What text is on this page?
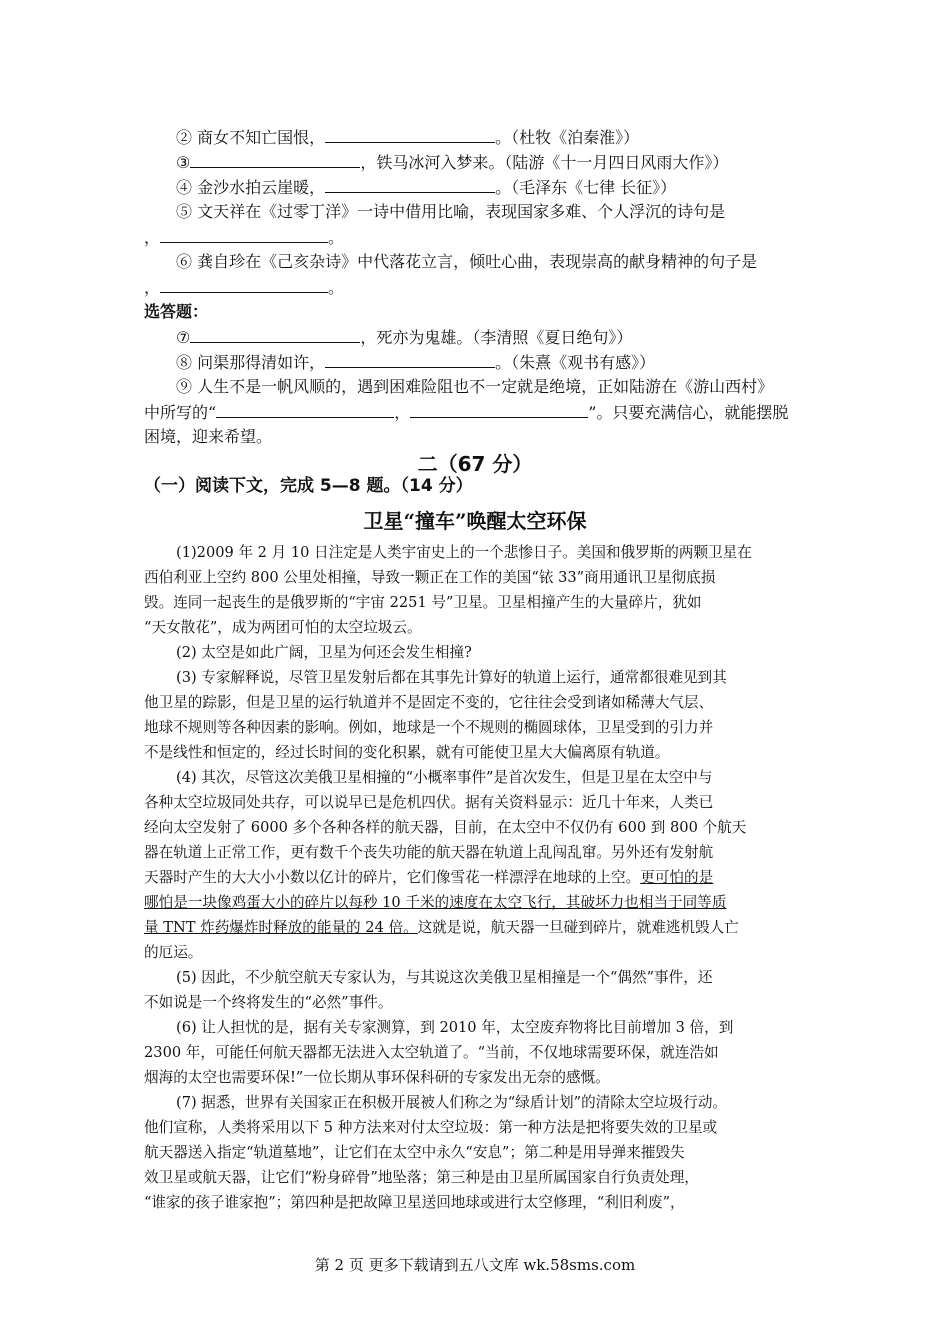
② 商女不知亡国恨，	。（杜牧《泊秦淮》）
③	，铁马冰河入梦来。（陆游《十一月四日风雨大作》）
④ 金沙水拍云崖暖，	。（毛泽东《七律 长征》）
⑤ 文天祥在《过零丁洋》一诗中借用比喻，表现国家多难、个人浮沉的诗句是
，	。
⑥ 龚自珍在《己亥杂诗》中代落花立言，倾吐心曲，表现崇高的献身精神的句子是
，	。
选答题：
⑦	，死亦为鬼雄。（李清照《夏日绝句》）
⑧ 问渠那得清如许，	。（朱熹《观书有感》）
⑨ 人生不是一帆风顺的，遇到困难险阻也不一定就是绝境，正如陆游在《游山西村》
中所写的“	，	”。只要充满信心，就能摆脱
困境，迎来希望。
二（67 分）
（一）阅读下文，完成 5—8 题。（14 分）
卫星“撞车”唤醒太空环保
(1)2009 年 2 月 10 日注定是人类宇宙史上的一个悲惨日子。美国和俄罗斯的两颗卫星在
西伯利亚上空约 800 公里处相撞，导致一颗正在工作的美国“铱 33”商用通讯卫星彻底损
毁。连同一起丧生的是俄罗斯的“宇宙 2251 号”卫星。卫星相撞产生的大量碎片，犹如
“天女散花”，成为两团可怕的太空垃圾云。
(2) 太空是如此广阔，卫星为何还会发生相撞?
(3) 专家解释说，尽管卫星发射后都在其事先计算好的轨道上运行，通常都很难见到其
他卫星的踪影，但是卫星的运行轨道并不是固定不变的，它往往会受到诸如稀薄大气层、
地球不规则等各种因素的影响。例如，地球是一个不规则的椭圆球体，卫星受到的引力并
不是线性和恒定的，经过长时间的变化积累，就有可能使卫星大大偏离原有轨道。
(4) 其次，尽管这次美俄卫星相撞的“小概率事件”是首次发生，但是卫星在太空中与
各种太空垃圾同处共存，可以说早已是危机四伏。据有关资料显示：近几十年来，人类已
经向太空发射了 6000 多个各种各样的航天器，目前，在太空中不仅仍有 600 到 800 个航天
器在轨道上正常工作，更有数千个丧失功能的航天器在轨道上乱闯乱窜。另外还有发射航
天器时产生的大大小小数以亿计的碎片，它们像雪花一样漂浮在地球的上空。更可怕的是
哪怕是一块像鸡蛋大小的碎片以每秒 10 千米的速度在太空飞行，其破坏力也相当于同等质
量 TNT 炸药爆炸时释放的能量的 24 倍。这就是说，航天器一旦碰到碎片，就难逃机毁人亡
的厄运。
(5) 因此，不少航空航天专家认为，与其说这次美俄卫星相撞是一个“偶然”事件，还
不如说是一个终将发生的“必然”事件。
(6) 让人担忧的是，据有关专家测算，到 2010 年，太空废弃物将比目前增加 3 倍，到
2300 年，可能任何航天器都无法进入太空轨道了。“当前，不仅地球需要环保，就连浩如
烟海的太空也需要环保!”一位长期从事环保科研的专家发出无奈的感慨。
(7) 据悉，世界有关国家正在积极开展被人们称之为“绿盾计划”的清除太空垃圾行动。
他们宣称，人类将采用以下 5 种方法来对付太空垃圾：第一种方法是把将要失效的卫星或
航天器送入指定“轨道墓地”，让它们在太空中永久“安息”；第二种是用导弹来摧毁失
效卫星或航天器，让它们“粉身碎骨”地坠落；第三种是由卫星所属国家自行负责处理，
“谁家的孩子谁家抱”；第四种是把故障卫星送回地球或进行太空修理，“利旧利废”，
第 2 页 更多下载请到五八文库 wk.58sms.com
